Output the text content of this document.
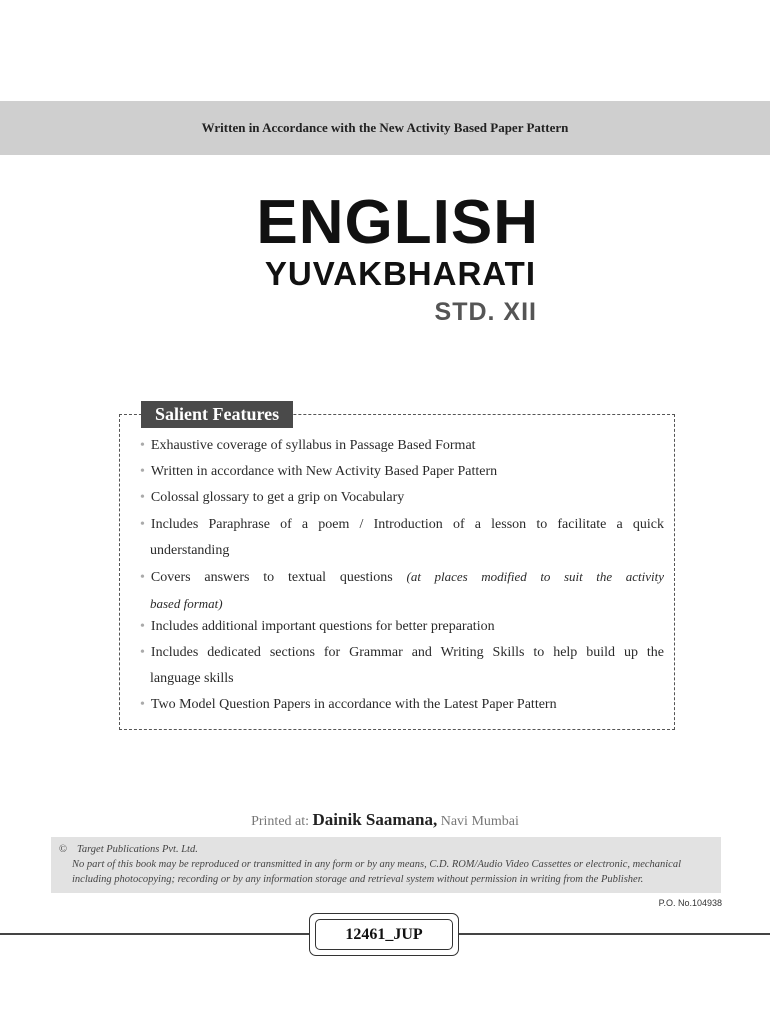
Written in Accordance with the New Activity Based Paper Pattern
ENGLISH
YUVAKBHARATI
STD. XII
Salient Features
• Exhaustive coverage of syllabus in Passage Based Format
• Written in accordance with New Activity Based Paper Pattern
• Colossal glossary to get a grip on Vocabulary
• Includes Paraphrase of a poem / Introduction of a lesson to facilitate a quick
understanding
• Covers answers to textual questions (at places modified to suit the activity
based format)
• Includes additional important questions for better preparation
• Includes dedicated sections for Grammar and Writing Skills to help build up the
language skills
• Two Model Question Papers in accordance with the Latest Paper Pattern
Printed at: Dainik Saamana, Navi Mumbai
© Target Publications Pvt. Ltd.
No part of this book may be reproduced or transmitted in any form or by any means, C.D. ROM/Audio Video Cassettes or electronic, mechanical
including photocopying; recording or by any information storage and retrieval system without permission in writing from the Publisher.
P.O. No.104938
12461_JUP
